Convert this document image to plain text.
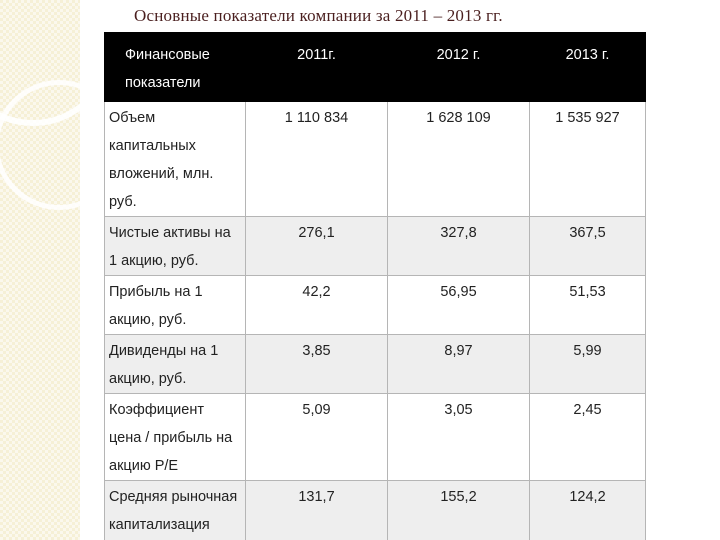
Основные показатели компании за 2011 – 2013 гг.
Финансовые показатели	2011г.	2012 г.	2013 г.
Объем капитальных вложений, млн. руб.	1 110 834	1 628 109	1 535 927
Чистые активы на 1 акцию, руб.	276,1	327,8	367,5
Прибыль на 1 акцию, руб.	42,2	56,95	51,53
Дивиденды на 1 акцию, руб.	3,85	8,97	5,99
Коэффициент цена / прибыль на акцию P/E	5,09	3,05	2,45
Средняя рыночная капитализация	131,7	155,2	124,2
